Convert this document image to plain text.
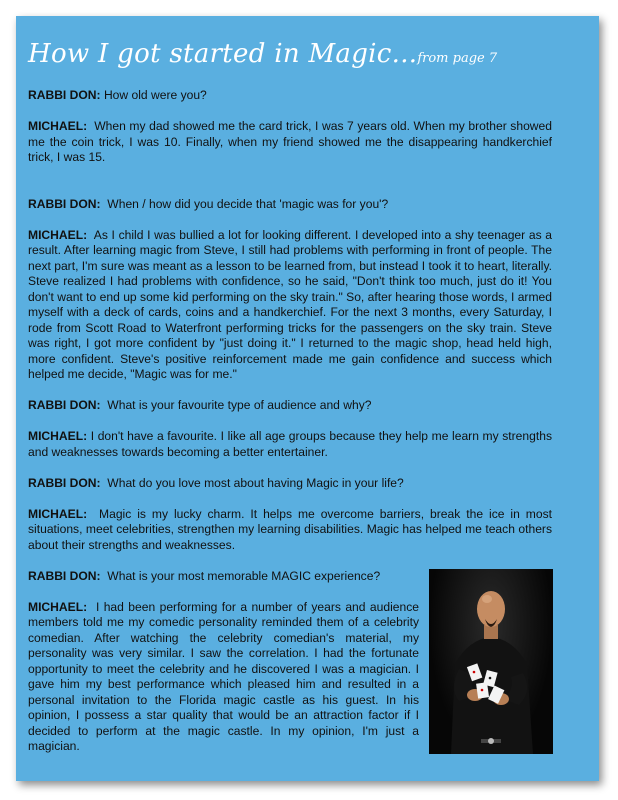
How I got started in Magic...from page 7

RABBI DON: How old were you?

MICHAEL: When my dad showed me the card trick, I was 7 years old. When my brother showed me the coin trick, I was 10. Finally, when my friend showed me the disappearing handkerchief trick, I was 15.

RABBI DON: When / how did you decide that 'magic was for you'?

MICHAEL: As I child I was bullied a lot for looking different. I developed into a shy teenager as a result. After learning magic from Steve, I still had problems with performing in front of people. The next part, I'm sure was meant as a lesson to be learned from, but instead I took it to heart, literally. Steve realized I had problems with confidence, so he said, "Don't think too much, just do it! You don't want to end up some kid performing on the sky train." So, after hearing those words, I armed myself with a deck of cards, coins and a handkerchief. For the next 3 months, every Saturday, I rode from Scott Road to Waterfront performing tricks for the passengers on the sky train. Steve was right, I got more confident by "just doing it." I returned to the magic shop, head held high, more confident. Steve's positive reinforcement made me gain confidence and success which helped me decide, "Magic was for me."

RABBI DON: What is your favourite type of audience and why?

MICHAEL: I don't have a favourite. I like all age groups because they help me learn my strengths and weaknesses towards becoming a better entertainer.

RABBI DON: What do you love most about having Magic in your life?

MICHAEL: Magic is my lucky charm. It helps me overcome barriers, break the ice in most situations, meet celebrities, strengthen my learning disabilities. Magic has helped me teach others about their strengths and weaknesses.

RABBI DON: What is your most memorable MAGIC experience?

MICHAEL: I had been performing for a number of years and audience members told me my comedic personality reminded them of a celebrity comedian. After watching the celebrity comedian's material, my personality was very similar. I saw the correlation. I had the fortunate opportunity to meet the celebrity and he discovered I was a magician. I gave him my best performance which pleased him and resulted in a personal invitation to the Florida magic castle as his guest. In his opinion, I possess a star quality that would be an attraction factor if I decided to perform at the magic castle. In my opinion, I'm just a magician.
